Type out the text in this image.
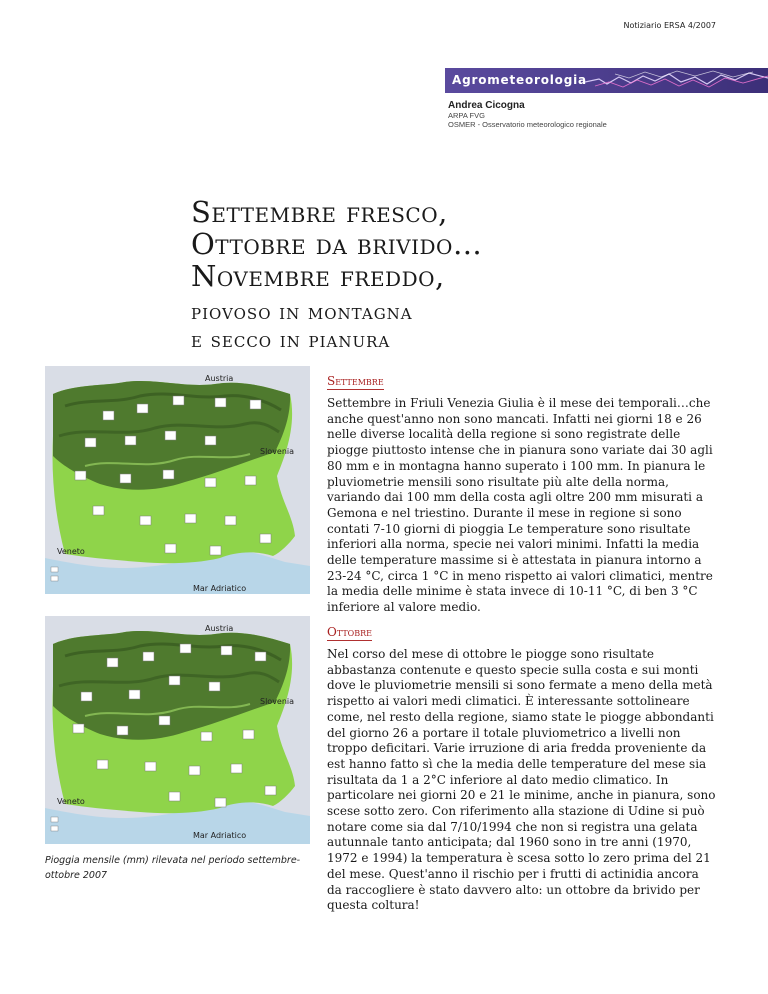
Notiziario ERSA 4/2007
Agrometeorologia
Andrea Cicogna
ARPA FVG
OSMER - Osservatorio meteorologico regionale
Settembre fresco,
Ottobre da brivido…
Novembre freddo,
piovoso in montagna
e secco in pianura
Austria
Slovenia
Veneto
Mar Adriatico
Austria
Slovenia
Veneto
Mar Adriatico
Settembre
Settembre in Friuli Venezia Giulia è il mese dei temporali…che anche quest'anno non sono mancati. Infatti nei giorni 18 e 26 nelle diverse località della regione si sono registrate delle piogge piuttosto intense che in pianura sono variate dai 30 agli 80 mm e in montagna hanno superato i 100 mm. In pianura le pluviometrie mensili sono risultate più alte della norma, variando dai 100 mm della costa agli oltre 200 mm misurati a Gemona e nel triestino. Durante il mese in regione si sono contati 7-10 giorni di pioggia Le temperature sono risultate inferiori alla norma, specie nei valori minimi. Infatti la media delle temperature massime si è attestata in pianura intorno a 23-24 °C, circa 1 °C in meno rispetto ai valori climatici, mentre la media delle minime è stata invece di 10-11 °C, di ben 3 °C inferiore al valore medio.
Ottobre
Nel corso del mese di ottobre le piogge sono risultate abbastanza contenute e questo specie sulla costa e sui monti dove le pluviometrie mensili si sono fermate a meno della metà rispetto ai valori medi climatici. È interessante sottolineare come, nel resto della regione, siamo state le piogge abbondanti del giorno 26 a portare il totale pluviometrico a livelli non troppo deficitari. Varie irruzione di aria fredda proveniente da est hanno fatto sì che la media delle temperature del mese sia risultata da 1 a 2°C inferiore al dato medio climatico. In particolare nei giorni 20 e 21 le minime, anche in pianura, sono scese sotto zero. Con riferimento alla stazione di Udine si può notare come sia dal 7/10/1994 che non si registra una gelata autunnale tanto anticipata; dal 1960 sono in tre anni (1970, 1972 e 1994) la temperatura è scesa sotto lo zero prima del 21 del mese. Quest'anno il rischio per i frutti di actinidia ancora da raccogliere è stato davvero alto: un ottobre da brivido per questa coltura!
Pioggia mensile (mm) rilevata nel periodo settembre-ottobre 2007
